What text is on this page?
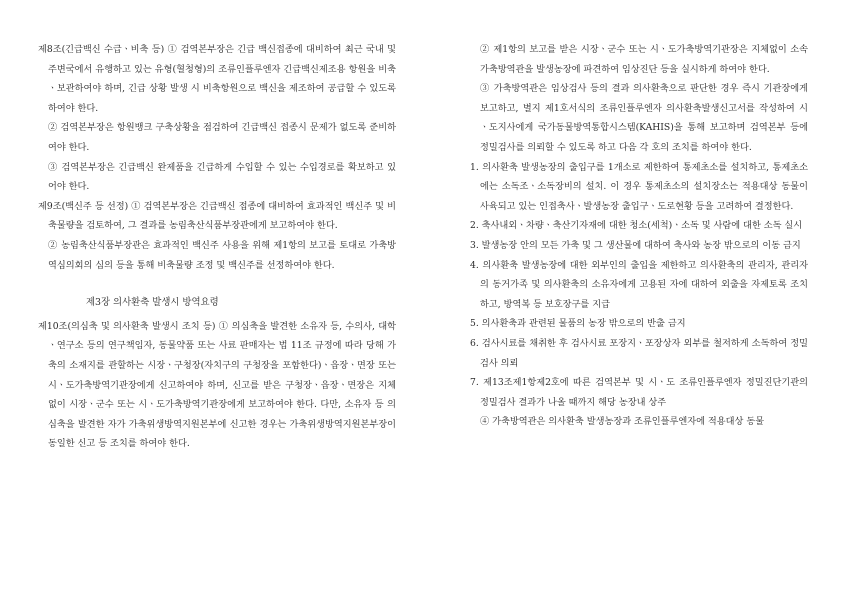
제8조(긴급백신 수급ㆍ비축 등) ① 검역본부장은 긴급 백신접종에 대비하여 최근 국내 및 주변국에서 유행하고 있는 유형(혈청형)의 조류인플루엔자 긴급백신제조용 항원을 비축ㆍ보관하여야 하며, 긴급 상황 발생 시 비축항원으로 백신을 제조하여 공급할 수 있도록 하여야 한다.
② 검역본부장은 항원뱅크 구축상황을 점검하여 긴급백신 접종시 문제가 없도록 준비하여야 한다.
③ 검역본부장은 긴급백신 완제품을 긴급하게 수입할 수 있는 수입경로를 확보하고 있어야 한다.
제9조(백신주 등 선정) ① 검역본부장은 긴급백신 접종에 대비하여 효과적인 백신주 및 비축물량을 검토하여, 그 결과를 농림축산식품부장관에게 보고하여야 한다.
② 농림축산식품부장관은 효과적인 백신주 사용을 위해 제1항의 보고를 토대로 가축방역심의회의 심의 등을 통해 비축물량 조정 및 백신주를 선정하여야 한다.
제3장 의사환축 발생시 방역요령
제10조(의심축 및 의사환축 발생시 조치 등) ① 의심축을 발견한 소유자 등, 수의사, 대학ㆍ연구소 등의 연구책임자, 동물약품 또는 사료 판매자는 법 11조 규정에 따라 당해 가축의 소재지를 관할하는 시장ㆍ구청장(자치구의 구청장을 포함한다)ㆍ읍장ㆍ면장 또는 시ㆍ도가축방역기관장에게 신고하여야 하며, 신고를 받은 구청장ㆍ읍장ㆍ면장은 지체없이 시장ㆍ군수 또는 시ㆍ도가축방역기관장에게 보고하여야 한다. 다만, 소유자 등 의심축을 발견한 자가 가축위생방역지원본부에 신고한 경우는 가축위생방역지원본부장이 동일한 신고 등 조치를 하여야 한다.
② 제1항의 보고를 받은 시장ㆍ군수 또는 시ㆍ도가축방역기관장은 지체없이 소속 가축방역관을 발생농장에 파견하여 임상진단 등을 실시하게 하여야 한다.
③ 가축방역관은 임상검사 등의 결과 의사환축으로 판단한 경우 즉시 기관장에게 보고하고, 별지 제1호서식의 조류인플루엔자 의사환축발생신고서를 작성하여 시ㆍ도지사에게 국가동물방역통합시스템(KAHIS)을 통해 보고하며 검역본부 등에 정밀검사를 의뢰할 수 있도록 하고 다음 각 호의 조치를 하여야 한다.
1. 의사환축 발생농장의 출입구를 1개소로 제한하여 통제초소를 설치하고, 통제초소에는 소독조ㆍ소독장비의 설치. 이 경우 통제초소의 설치장소는 적용대상 동물이 사육되고 있는 인접축사ㆍ발생농장 출입구ㆍ도로현황 등을 고려하여 결정한다.
2. 축사내외ㆍ차량ㆍ축산기자재에 대한 청소(세척)ㆍ소독 및 사람에 대한 소독 실시
3. 발생농장 안의 모든 가축 및 그 생산물에 대하여 축사와 농장 밖으로의 이동 금지
4. 의사환축 발생농장에 대한 외부인의 출입을 제한하고 의사환축의 관리자, 관리자의 동거가족 및 의사환축의 소유자에게 고용된 자에 대하여 외출을 자제토록 조치하고, 방역복 등 보호장구를 지급
5. 의사환축과 관련된 물품의 농장 밖으로의 반출 금지
6. 검사시료를 채취한 후 검사시료 포장지ㆍ포장상자 외부를 철저하게 소독하여 정밀검사 의뢰
7. 제13조제1항제2호에 따른 검역본부 및 시ㆍ도 조류인플루엔자 정밀진단기관의 정밀검사 결과가 나올 때까지 해당 농장내 상주
④ 가축방역관은 의사환축 발생농장과 조류인플루엔자에 적용대상 동물
